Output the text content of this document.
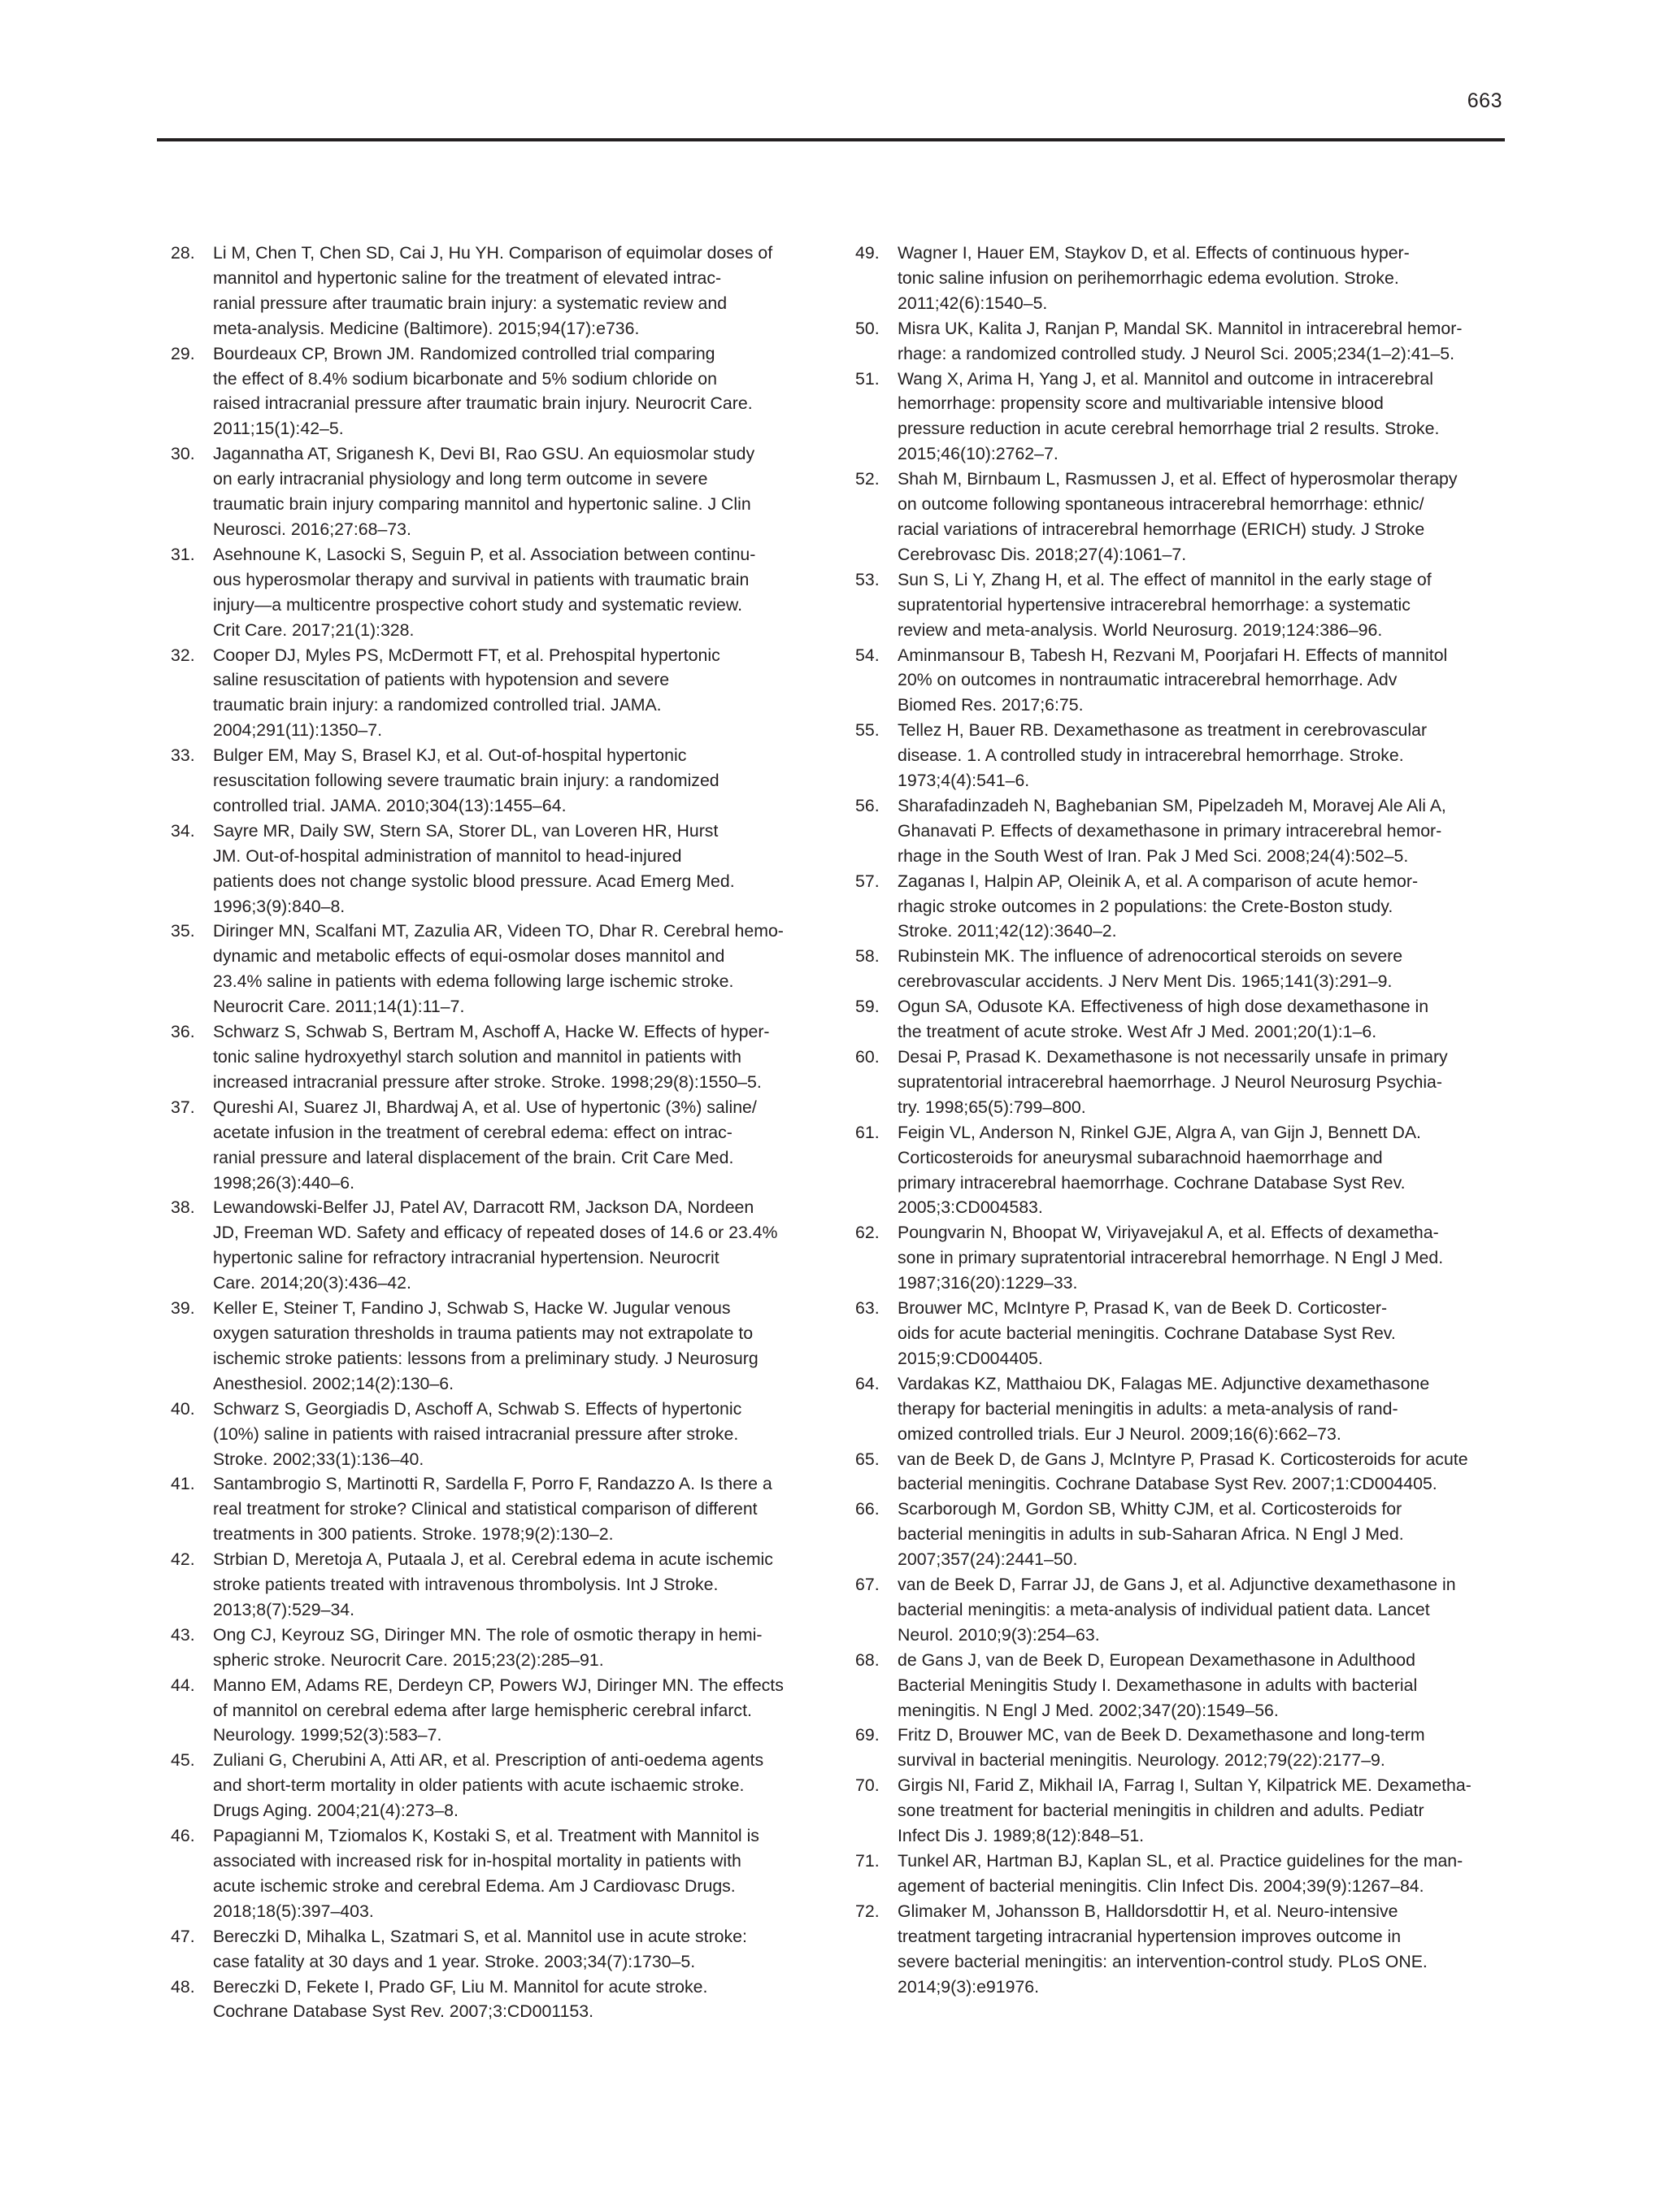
663
28.	Li M, Chen T, Chen SD, Cai J, Hu YH. Comparison of equimolar doses of
mannitol and hypertonic saline for the treatment of elevated intrac-
ranial pressure after traumatic brain injury: a systematic review and
meta-analysis. Medicine (Baltimore). 2015;94(17):e736.
29.	Bourdeaux CP, Brown JM. Randomized controlled trial comparing
the effect of 8.4% sodium bicarbonate and 5% sodium chloride on
raised intracranial pressure after traumatic brain injury. Neurocrit Care.
2011;15(1):42–5.
30.	Jagannatha AT, Sriganesh K, Devi BI, Rao GSU. An equiosmolar study
on early intracranial physiology and long term outcome in severe
traumatic brain injury comparing mannitol and hypertonic saline. J Clin
Neurosci. 2016;27:68–73.
31.	Asehnoune K, Lasocki S, Seguin P, et al. Association between continu-
ous hyperosmolar therapy and survival in patients with traumatic brain
injury—a multicentre prospective cohort study and systematic review.
Crit Care. 2017;21(1):328.
32.	Cooper DJ, Myles PS, McDermott FT, et al. Prehospital hypertonic
saline resuscitation of patients with hypotension and severe
traumatic brain injury: a randomized controlled trial. JAMA.
2004;291(11):1350–7.
33.	Bulger EM, May S, Brasel KJ, et al. Out-of-hospital hypertonic
resuscitation following severe traumatic brain injury: a randomized
controlled trial. JAMA. 2010;304(13):1455–64.
34.	Sayre MR, Daily SW, Stern SA, Storer DL, van Loveren HR, Hurst
JM. Out-of-hospital administration of mannitol to head-injured
patients does not change systolic blood pressure. Acad Emerg Med.
1996;3(9):840–8.
35.	Diringer MN, Scalfani MT, Zazulia AR, Videen TO, Dhar R. Cerebral hemo-
dynamic and metabolic effects of equi-osmolar doses mannitol and
23.4% saline in patients with edema following large ischemic stroke.
Neurocrit Care. 2011;14(1):11–7.
36.	Schwarz S, Schwab S, Bertram M, Aschoff A, Hacke W. Effects of hyper-
tonic saline hydroxyethyl starch solution and mannitol in patients with
increased intracranial pressure after stroke. Stroke. 1998;29(8):1550–5.
37.	Qureshi AI, Suarez JI, Bhardwaj A, et al. Use of hypertonic (3%) saline/
acetate infusion in the treatment of cerebral edema: effect on intrac-
ranial pressure and lateral displacement of the brain. Crit Care Med.
1998;26(3):440–6.
38.	Lewandowski-Belfer JJ, Patel AV, Darracott RM, Jackson DA, Nordeen
JD, Freeman WD. Safety and efficacy of repeated doses of 14.6 or 23.4%
hypertonic saline for refractory intracranial hypertension. Neurocrit
Care. 2014;20(3):436–42.
39.	Keller E, Steiner T, Fandino J, Schwab S, Hacke W. Jugular venous
oxygen saturation thresholds in trauma patients may not extrapolate to
ischemic stroke patients: lessons from a preliminary study. J Neurosurg
Anesthesiol. 2002;14(2):130–6.
40.	Schwarz S, Georgiadis D, Aschoff A, Schwab S. Effects of hypertonic
(10%) saline in patients with raised intracranial pressure after stroke.
Stroke. 2002;33(1):136–40.
41.	Santambrogio S, Martinotti R, Sardella F, Porro F, Randazzo A. Is there a
real treatment for stroke? Clinical and statistical comparison of different
treatments in 300 patients. Stroke. 1978;9(2):130–2.
42.	Strbian D, Meretoja A, Putaala J, et al. Cerebral edema in acute ischemic
stroke patients treated with intravenous thrombolysis. Int J Stroke.
2013;8(7):529–34.
43.	Ong CJ, Keyrouz SG, Diringer MN. The role of osmotic therapy in hemi-
spheric stroke. Neurocrit Care. 2015;23(2):285–91.
44.	Manno EM, Adams RE, Derdeyn CP, Powers WJ, Diringer MN. The effects
of mannitol on cerebral edema after large hemispheric cerebral infarct.
Neurology. 1999;52(3):583–7.
45.	Zuliani G, Cherubini A, Atti AR, et al. Prescription of anti-oedema agents
and short-term mortality in older patients with acute ischaemic stroke.
Drugs Aging. 2004;21(4):273–8.
46.	Papagianni M, Tziomalos K, Kostaki S, et al. Treatment with Mannitol is
associated with increased risk for in-hospital mortality in patients with
acute ischemic stroke and cerebral Edema. Am J Cardiovasc Drugs.
2018;18(5):397–403.
47.	Bereczki D, Mihalka L, Szatmari S, et al. Mannitol use in acute stroke:
case fatality at 30 days and 1 year. Stroke. 2003;34(7):1730–5.
48.	Bereczki D, Fekete I, Prado GF, Liu M. Mannitol for acute stroke.
Cochrane Database Syst Rev. 2007;3:CD001153.
49.	Wagner I, Hauer EM, Staykov D, et al. Effects of continuous hyper-
tonic saline infusion on perihemorrhagic edema evolution. Stroke.
2011;42(6):1540–5.
50.	Misra UK, Kalita J, Ranjan P, Mandal SK. Mannitol in intracerebral hemor-
rhage: a randomized controlled study. J Neurol Sci. 2005;234(1–2):41–5.
51.	Wang X, Arima H, Yang J, et al. Mannitol and outcome in intracerebral
hemorrhage: propensity score and multivariable intensive blood
pressure reduction in acute cerebral hemorrhage trial 2 results. Stroke.
2015;46(10):2762–7.
52.	Shah M, Birnbaum L, Rasmussen J, et al. Effect of hyperosmolar therapy
on outcome following spontaneous intracerebral hemorrhage: ethnic/
racial variations of intracerebral hemorrhage (ERICH) study. J Stroke
Cerebrovasc Dis. 2018;27(4):1061–7.
53.	Sun S, Li Y, Zhang H, et al. The effect of mannitol in the early stage of
supratentorial hypertensive intracerebral hemorrhage: a systematic
review and meta-analysis. World Neurosurg. 2019;124:386–96.
54.	Aminmansour B, Tabesh H, Rezvani M, Poorjafari H. Effects of mannitol
20% on outcomes in nontraumatic intracerebral hemorrhage. Adv
Biomed Res. 2017;6:75.
55.	Tellez H, Bauer RB. Dexamethasone as treatment in cerebrovascular
disease. 1. A controlled study in intracerebral hemorrhage. Stroke.
1973;4(4):541–6.
56.	Sharafadinzadeh N, Baghebanian SM, Pipelzadeh M, Moravej Ale Ali A,
Ghanavati P. Effects of dexamethasone in primary intracerebral hemor-
rhage in the South West of Iran. Pak J Med Sci. 2008;24(4):502–5.
57.	Zaganas I, Halpin AP, Oleinik A, et al. A comparison of acute hemor-
rhagic stroke outcomes in 2 populations: the Crete-Boston study.
Stroke. 2011;42(12):3640–2.
58.	Rubinstein MK. The influence of adrenocortical steroids on severe
cerebrovascular accidents. J Nerv Ment Dis. 1965;141(3):291–9.
59.	Ogun SA, Odusote KA. Effectiveness of high dose dexamethasone in
the treatment of acute stroke. West Afr J Med. 2001;20(1):1–6.
60.	Desai P, Prasad K. Dexamethasone is not necessarily unsafe in primary
supratentorial intracerebral haemorrhage. J Neurol Neurosurg Psychia-
try. 1998;65(5):799–800.
61.	Feigin VL, Anderson N, Rinkel GJE, Algra A, van Gijn J, Bennett DA.
Corticosteroids for aneurysmal subarachnoid haemorrhage and
primary intracerebral haemorrhage. Cochrane Database Syst Rev.
2005;3:CD004583.
62.	Poungvarin N, Bhoopat W, Viriyavejakul A, et al. Effects of dexametha-
sone in primary supratentorial intracerebral hemorrhage. N Engl J Med.
1987;316(20):1229–33.
63.	Brouwer MC, McIntyre P, Prasad K, van de Beek D. Corticoster-
oids for acute bacterial meningitis. Cochrane Database Syst Rev.
2015;9:CD004405.
64.	Vardakas KZ, Matthaiou DK, Falagas ME. Adjunctive dexamethasone
therapy for bacterial meningitis in adults: a meta-analysis of rand-
omized controlled trials. Eur J Neurol. 2009;16(6):662–73.
65.	van de Beek D, de Gans J, McIntyre P, Prasad K. Corticosteroids for acute
bacterial meningitis. Cochrane Database Syst Rev. 2007;1:CD004405.
66.	Scarborough M, Gordon SB, Whitty CJM, et al. Corticosteroids for
bacterial meningitis in adults in sub-Saharan Africa. N Engl J Med.
2007;357(24):2441–50.
67.	van de Beek D, Farrar JJ, de Gans J, et al. Adjunctive dexamethasone in
bacterial meningitis: a meta-analysis of individual patient data. Lancet
Neurol. 2010;9(3):254–63.
68.	de Gans J, van de Beek D, European Dexamethasone in Adulthood
Bacterial Meningitis Study I. Dexamethasone in adults with bacterial
meningitis. N Engl J Med. 2002;347(20):1549–56.
69.	Fritz D, Brouwer MC, van de Beek D. Dexamethasone and long-term
survival in bacterial meningitis. Neurology. 2012;79(22):2177–9.
70.	Girgis NI, Farid Z, Mikhail IA, Farrag I, Sultan Y, Kilpatrick ME. Dexametha-
sone treatment for bacterial meningitis in children and adults. Pediatr
Infect Dis J. 1989;8(12):848–51.
71.	Tunkel AR, Hartman BJ, Kaplan SL, et al. Practice guidelines for the man-
agement of bacterial meningitis. Clin Infect Dis. 2004;39(9):1267–84.
72.	Glimaker M, Johansson B, Halldorsdottir H, et al. Neuro-intensive
treatment targeting intracranial hypertension improves outcome in
severe bacterial meningitis: an intervention-control study. PLoS ONE.
2014;9(3):e91976.
